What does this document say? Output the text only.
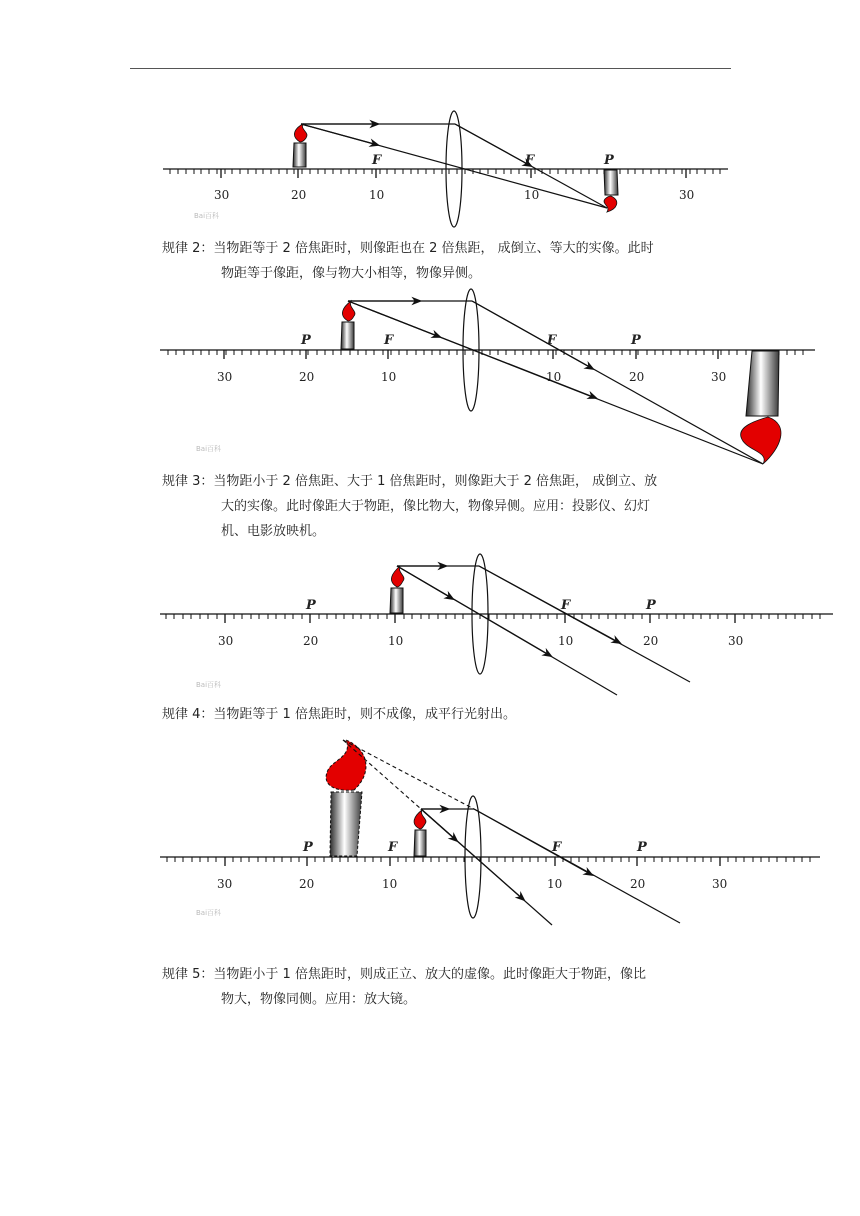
30	20	10	10	30
F	F	P
Bai百科
规律 2：当物距等于 2 倍焦距时，则像距也在 2 倍焦距， 成倒立、等大的实像。此时
物距等于像距，像与物大小相等，物像异侧。
30	20	10	10	20	30
P	F	F	P
Bai百科
规律 3：当物距小于 2 倍焦距、大于 1 倍焦距时，则像距大于 2 倍焦距， 成倒立、放
大的实像。此时像距大于物距，像比物大，物像异侧。应用：投影仪、幻灯
机、电影放映机。
30	20	10	10	20	30
P	F	P
Bai百科
规律 4：当物距等于 1 倍焦距时，则不成像，成平行光射出。
30	20	10	10	20	30
P	F	F	P
Bai百科
规律 5：当物距小于 1 倍焦距时，则成正立、放大的虚像。此时像距大于物距，像比
物大，物像同侧。应用：放大镜。
